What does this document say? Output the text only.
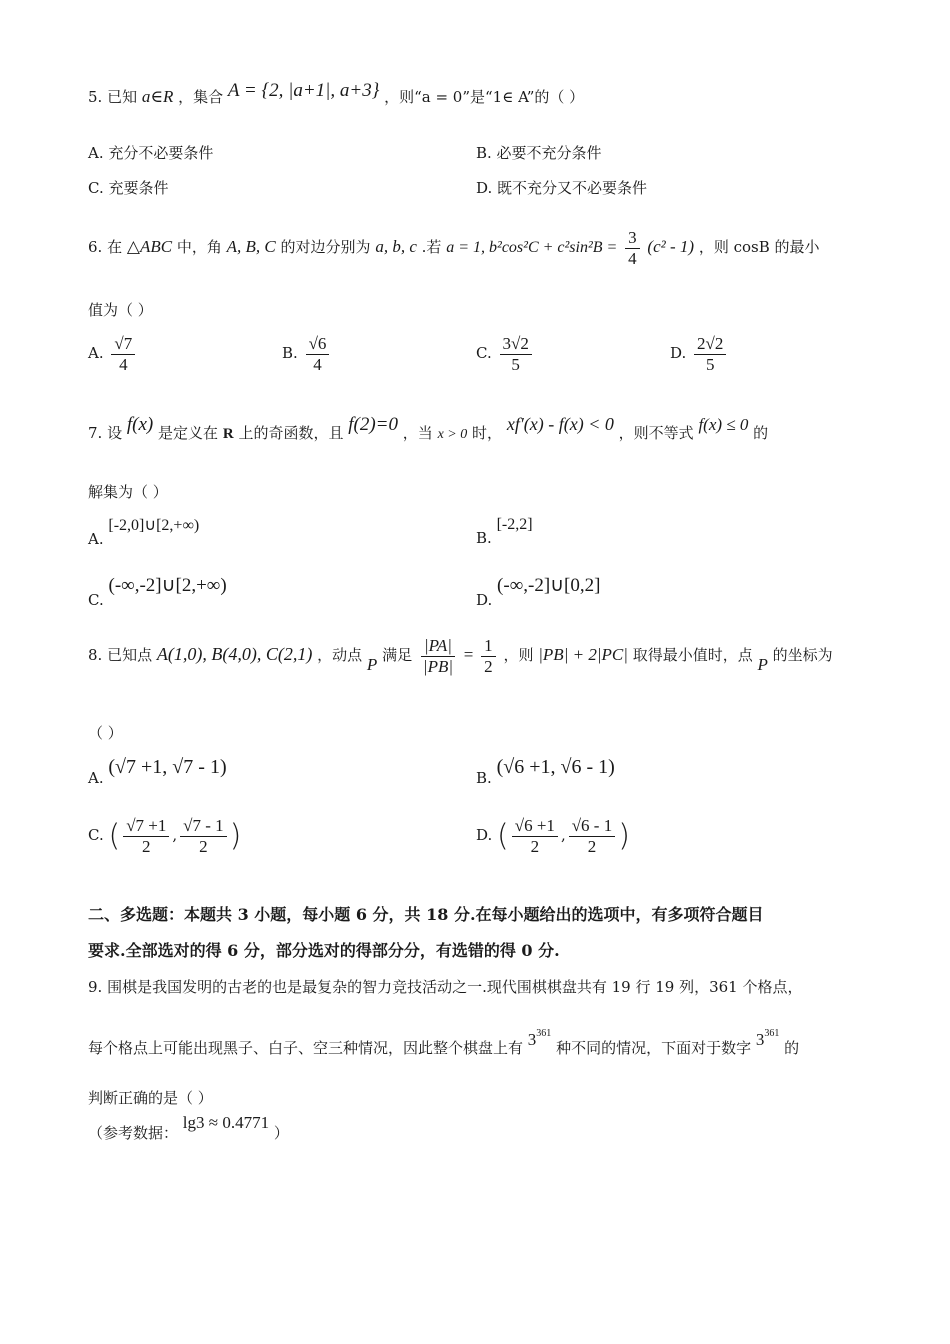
5. 已知 a∈R ，集合 A = {2, |a+1|, a+3} ，则“a = 0”是“1∈ A”的（ ）
A. 充分不必要条件	B. 必要不充分条件
C. 充要条件	D. 既不充分又不必要条件
6. 在 △ABC 中，角 A, B, C 的对边分别为 a, b, c .若 a = 1, $b^2\cos^2C + c^2\sin^2B = \frac{3}{4} (c^2 - 1)$ ，则 cosB 的最小
值为（ ）
A. $\frac{√7}{4}$	B. $\frac{√6}{4}$	C. $\frac{3√2}{5}$	D. $\frac{2√2}{5}$
7. 设 f(x) 是定义在 R 上的奇函数，且 f(2)=0 ，当 x > 0 时， xf′(x) - f(x) < 0 ，则不等式 f(x) ≤ 0 的
解集为（ ）
A. [-2,0]∪[2,+∞)
B. [-2,2]
C. (-∞,-2]∪[2,+∞)
D. (-∞,-2]∪[0,2]
8. 已知点 A(1,0), B(4,0), C(2,1) ，动点 P 满足 $\frac{|PA|}{|PB|} = \frac{1}{2}$ ，则 |PB| + 2|PC| 取得最小值时，点 P 的坐标为
（ ）
A. (√7 +1, √7 - 1)	B. (√6 +1, √6 - 1)
C. ( $\frac{√7 +1}{2}$ , $\frac{√7 - 1}{2}$ )	D. ( $\frac{√6 +1}{2}$ , $\frac{√6 - 1}{2}$ )
二、多选题：本题共 3 小题，每小题 6 分，共 18 分.在每小题给出的选项中，有多项符合题目
要求.全部选对的得 6 分，部分选对的得部分分，有选错的得 0 分.
9. 围棋是我国发明的古老的也是最复杂的智力竞技活动之一.现代围棋棋盘共有 19 行 19 列，361 个格点，
每个格点上可能出现黑子、白子、空三种情况，因此整个棋盘上有 $3^{361}$ 种不同的情况，下面对于数字 $3^{361}$ 的
判断正确的是（ ）
（参考数据： lg3 ≈ 0.4771 ）
